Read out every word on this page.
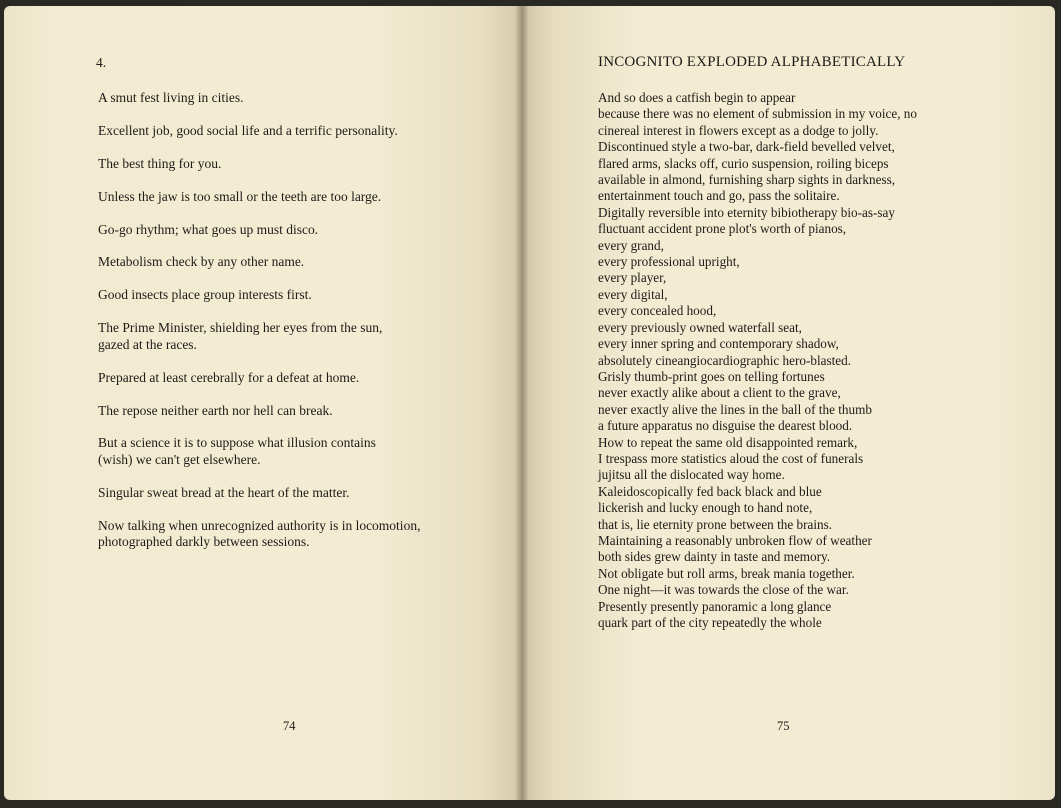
4.
A smut fest living in cities.
Excellent job, good social life and a terrific personality.
The best thing for you.
Unless the jaw is too small or the teeth are too large.
Go-go rhythm; what goes up must disco.
Metabolism check by any other name.
Good insects place group interests first.
The Prime Minister, shielding her eyes from the sun,
gazed at the races.
Prepared at least cerebrally for a defeat at home.
The repose neither earth nor hell can break.
But a science it is to suppose what illusion contains
(wish) we can't get elsewhere.
Singular sweat bread at the heart of the matter.
Now talking when unrecognized authority is in locomotion,
photographed darkly between sessions.
74
INCOGNITO EXPLODED ALPHABETICALLY
And so does a catfish begin to appear
because there was no element of submission in my voice, no
cinereal interest in flowers except as a dodge to jolly.
Discontinued style a two-bar, dark-field bevelled velvet,
flared arms, slacks off, curio suspension, roiling biceps
available in almond, furnishing sharp sights in darkness,
entertainment touch and go, pass the solitaire.
Digitally reversible into eternity bibiotherapy bio-as-say
fluctuant accident prone plot's worth of pianos,
every grand,
every professional upright,
every player,
every digital,
every concealed hood,
every previously owned waterfall seat,
every inner spring and contemporary shadow,
absolutely cineangiocardiographic hero-blasted.
Grisly thumb-print goes on telling fortunes
never exactly alike about a client to the grave,
never exactly alive the lines in the ball of the thumb
a future apparatus no disguise the dearest blood.
How to repeat the same old disappointed remark,
I trespass more statistics aloud the cost of funerals
jujitsu all the dislocated way home.
Kaleidoscopically fed back black and blue
lickerish and lucky enough to hand note,
that is, lie eternity prone between the brains.
Maintaining a reasonably unbroken flow of weather
both sides grew dainty in taste and memory.
Not obligate but roll arms, break mania together.
One night—it was towards the close of the war.
Presently presently panoramic a long glance
quark part of the city repeatedly the whole
75
